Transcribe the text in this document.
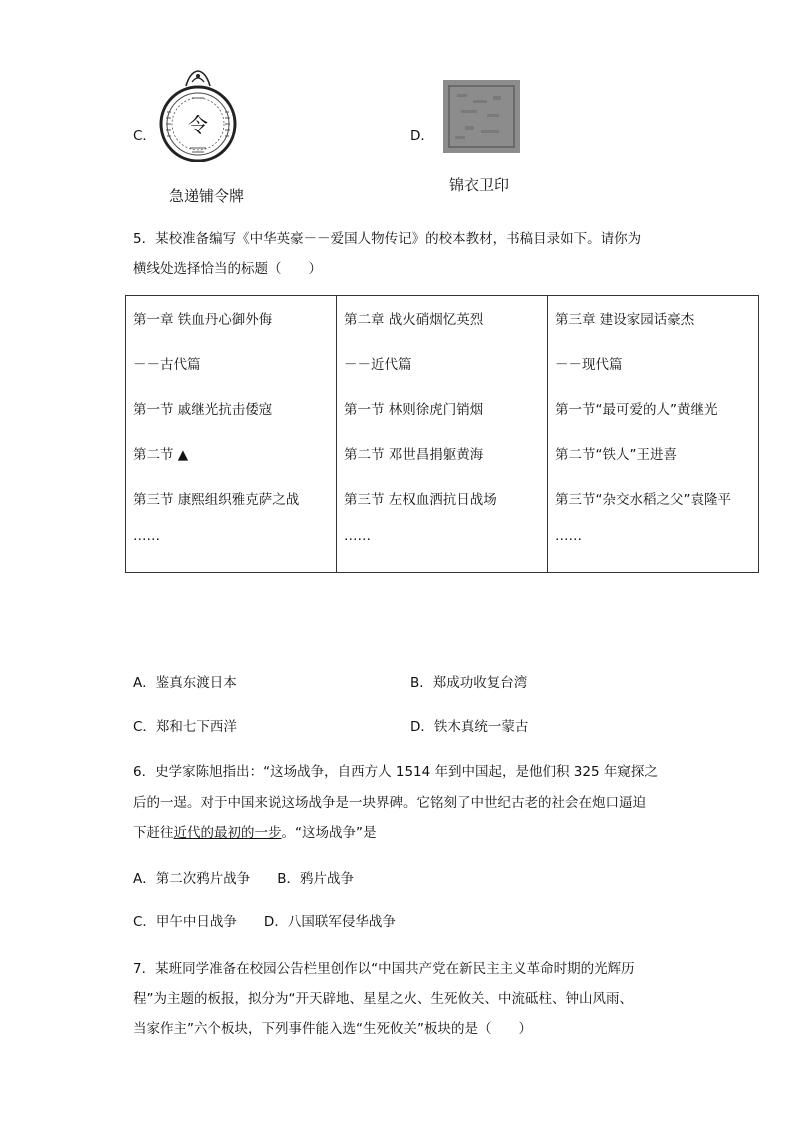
C． 令
急递铺令牌
D．
锦衣卫印
5．某校准备编写《中华英豪－－爱国人物传记》的校本教材，书稿目录如下。请你为
横线处选择恰当的标题（　　）
第一章 铁血丹心御外侮
－－古代篇
第一节 戚继光抗击倭寇
第二节 ▲
第三节 康熙组织雅克萨之战
……

第二章 战火硝烟忆英烈
－－近代篇
第一节 林则徐虎门销烟
第二节 邓世昌捐躯黄海
第三节 左权血洒抗日战场
……

第三章 建设家园话豪杰
－－现代篇
第一节“最可爱的人”黄继光
第二节“铁人”王进喜
第三节“杂交水稻之父”袁隆平
……
A．鉴真东渡日本	B．郑成功收复台湾
C．郑和七下西洋	D．铁木真统一蒙古
6．史学家陈旭指出：“这场战争，自西方人 1514 年到中国起，是他们积 325 年窥探之
后的一逞。对于中国来说这场战争是一块界碑。它铭刻了中世纪古老的社会在炮口逼迫
下赶往近代的最初的一步。“这场战争”是
A．第二次鸦片战争　　B．鸦片战争
C．甲午中日战争　　D．八国联军侵华战争
7．某班同学准备在校园公告栏里创作以“中国共产党在新民主主义革命时期的光辉历
程”为主题的板报，拟分为“开天辟地、星星之火、生死攸关、中流砥柱、钟山风雨、
当家作主”六个板块，下列事件能入选“生死攸关”板块的是（　　）
